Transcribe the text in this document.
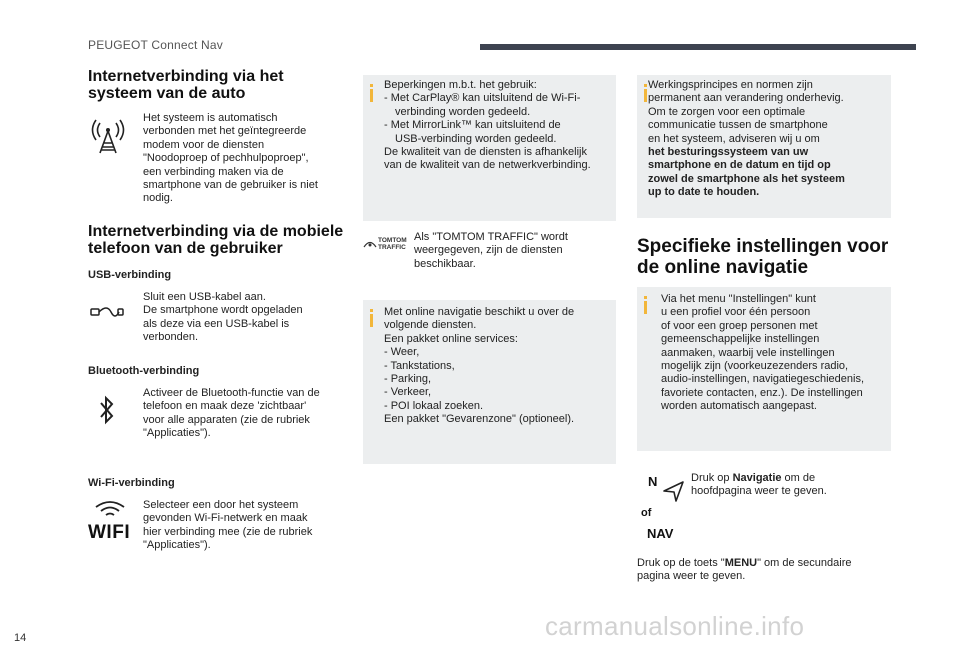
PEUGEOT Connect Nav
Internetverbinding via het
systeem van de auto
Het systeem is automatisch
verbonden met het geïntegreerde
modem voor de diensten
"Noodoproep of pechhulpoproep",
een verbinding maken via de
smartphone van de gebruiker is niet
nodig.
Internetverbinding via de mobiele
telefoon van de gebruiker
USB-verbinding
Sluit een USB-kabel aan.
De smartphone wordt opgeladen
als deze via een USB-kabel is
verbonden.
Bluetooth-verbinding
Activeer de Bluetooth-functie van de
telefoon en maak deze 'zichtbaar'
voor alle apparaten (zie de rubriek
"Applicaties").
Wi-Fi-verbinding
WIFI
Selecteer een door het systeem
gevonden Wi-Fi-netwerk en maak
hier verbinding mee (zie de rubriek
"Applicaties").
Beperkingen m.b.t. het gebruik:
- Met CarPlay® kan uitsluitend de Wi-Fi-
verbinding worden gedeeld.
- Met MirrorLink™ kan uitsluitend de
USB-verbinding worden gedeeld.
De kwaliteit van de diensten is afhankelijk
van de kwaliteit van de netwerkverbinding.
TOMTOM
TRAFFIC
Als "TOMTOM TRAFFIC" wordt
weergegeven, zijn de diensten
beschikbaar.
Met online navigatie beschikt u over de
volgende diensten.
Een pakket online services:
- Weer,
- Tankstations,
- Parking,
- Verkeer,
- POI lokaal zoeken.
Een pakket "Gevarenzone" (optioneel).
Werkingsprincipes en normen zijn
permanent aan verandering onderhevig.
Om te zorgen voor een optimale
communicatie tussen de smartphone
en het systeem, adviseren wij u om
het besturingssysteem van uw
smartphone en de datum en tijd op
zowel de smartphone als het systeem
up to date te houden.
Specifieke instellingen voor
de online navigatie
Via het menu "Instellingen" kunt
u een profiel voor één persoon
of voor een groep personen met
gemeenschappelijke instellingen
aanmaken, waarbij vele instellingen
mogelijk zijn (voorkeuzezenders radio,
audio-instellingen, navigatiegeschiedenis,
favoriete contacten, enz.). De instellingen
worden automatisch aangepast.
N
of
NAV
Druk op Navigatie om de
hoofdpagina weer te geven.
Druk op de toets "MENU" om de secundaire
pagina weer te geven.
carmanualsonline.info
14
